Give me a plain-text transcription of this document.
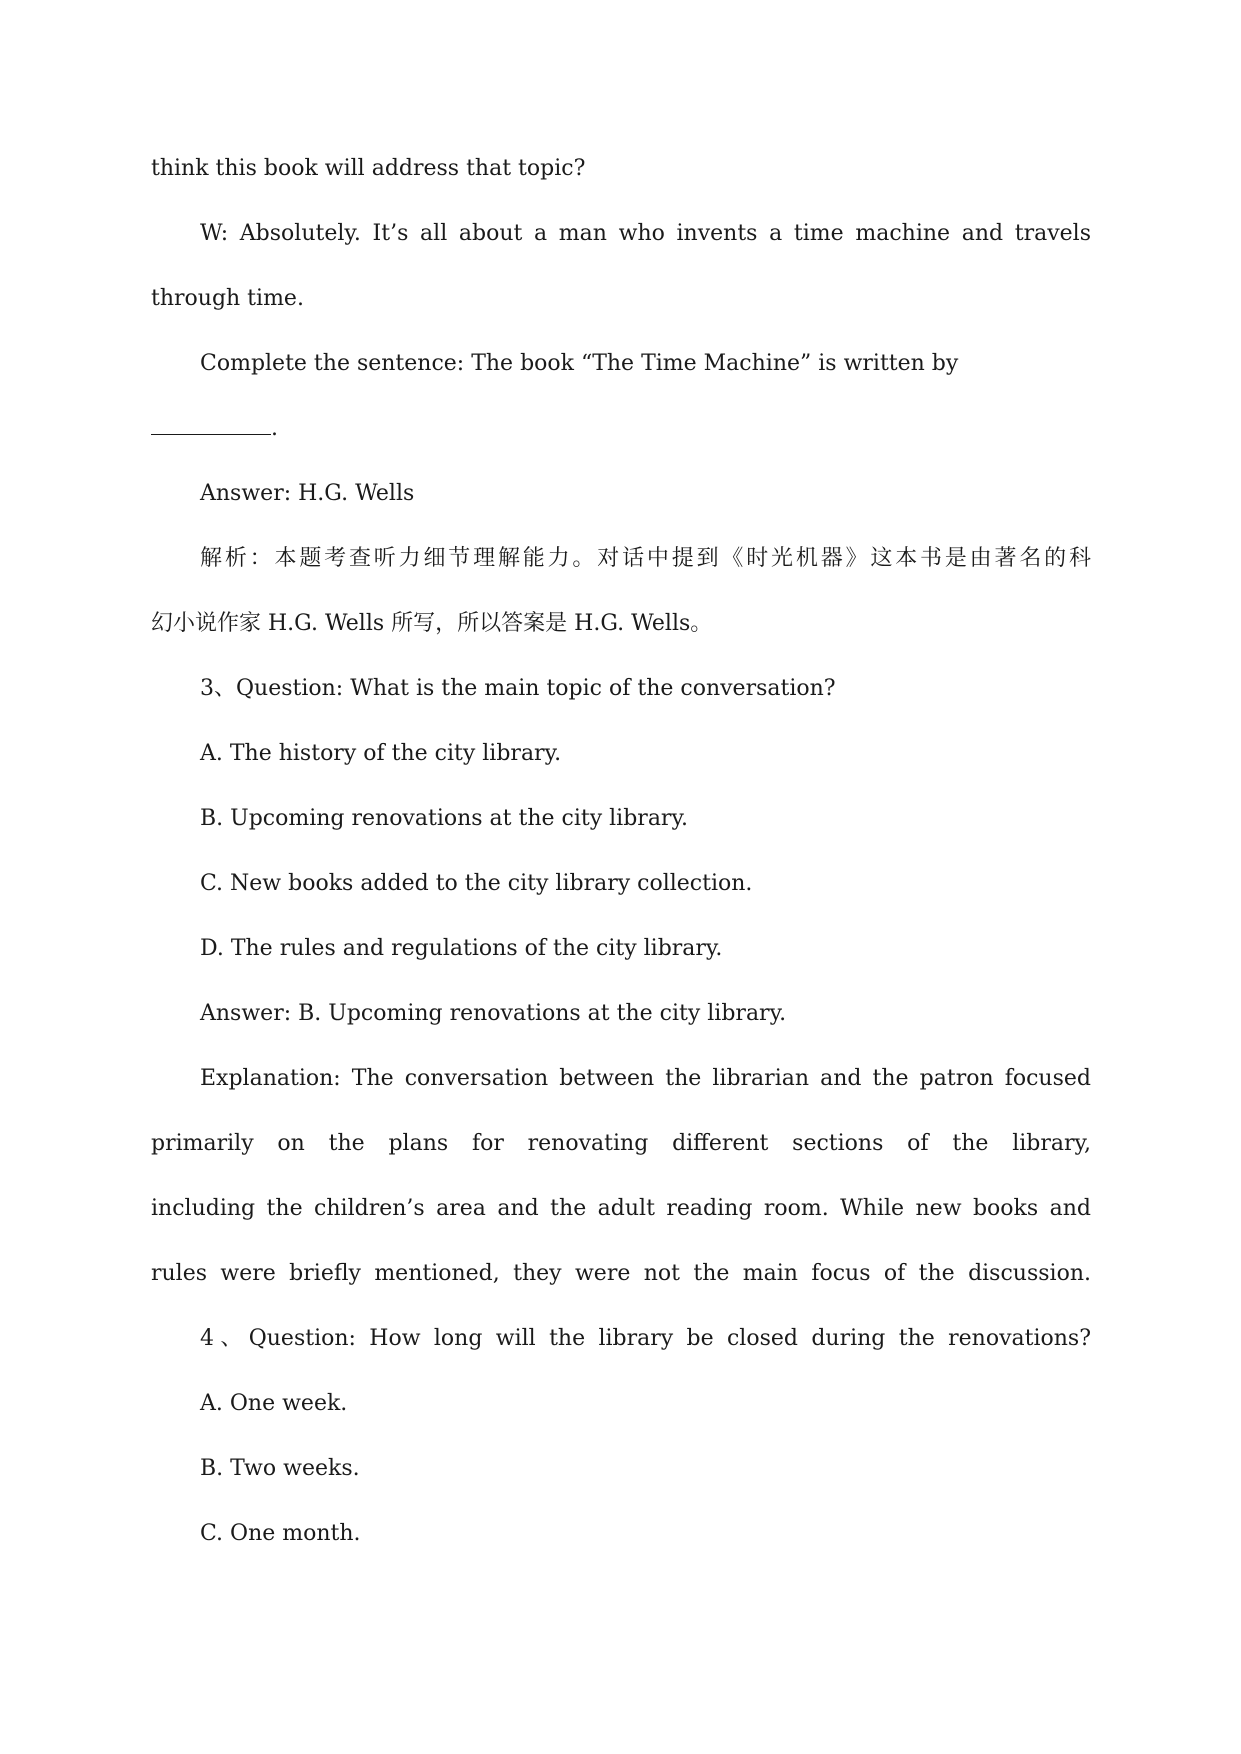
think this book will address that topic?
W: Absolutely. It’s all about a man who invents a time machine and travels
through time.
Complete the sentence: The book “The Time Machine” is written by
.
Answer: H.G. Wells
解析：本题考查听力细节理解能力。对话中提到《时光机器》这本书是由著名的科
幻小说作家 H.G. Wells 所写，所以答案是 H.G. Wells。
3、Question: What is the main topic of the conversation?
A. The history of the city library.
B. Upcoming renovations at the city library.
C. New books added to the city library collection.
D. The rules and regulations of the city library.
Answer: B. Upcoming renovations at the city library.
Explanation: The conversation between the librarian and the patron focused
primarily on the plans for renovating different sections of the library,
including the children’s area and the adult reading room. While new books and
rules were briefly mentioned, they were not the main focus of the discussion.
4、Question: How long will the library be closed during the renovations?
A. One week.
B. Two weeks.
C. One month.
